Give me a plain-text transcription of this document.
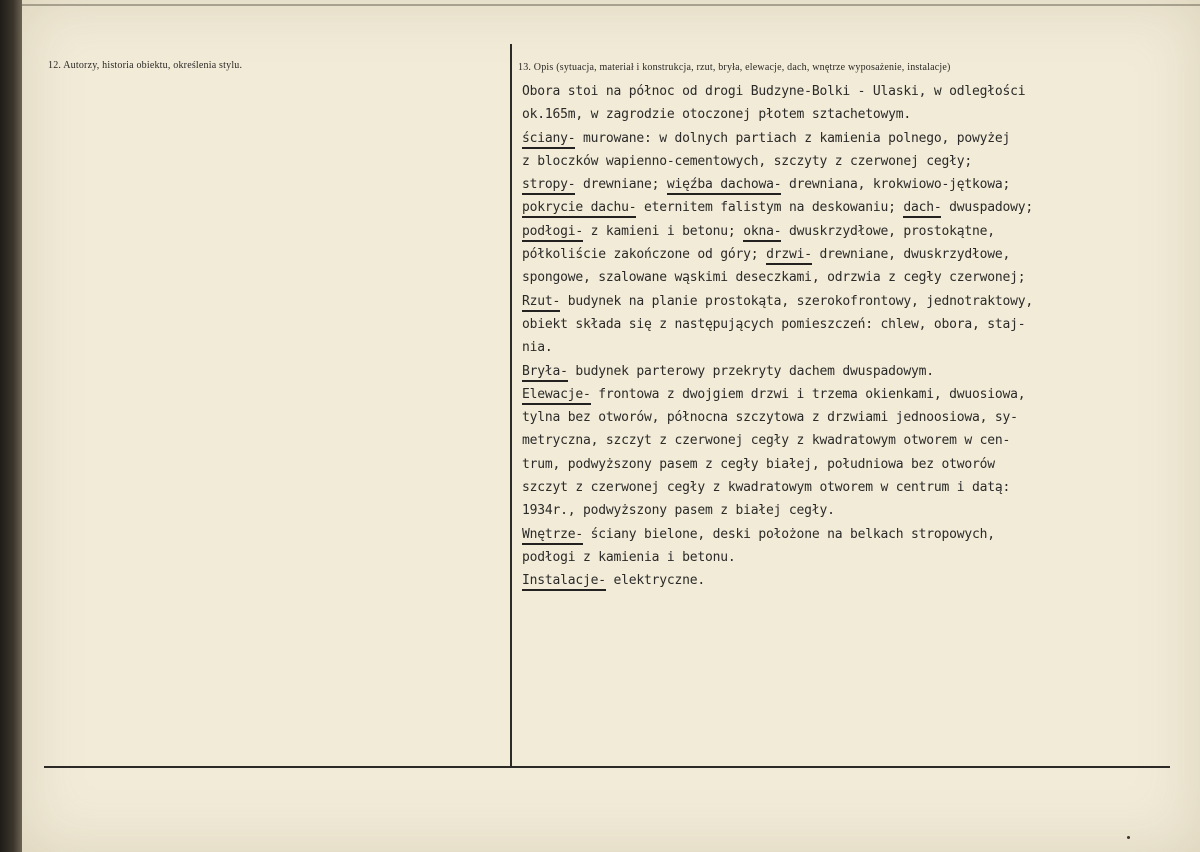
12. Autorzy, historia obiektu, określenia stylu.	13. Opis (sytuacja, materiał i konstrukcja, rzut, bryła, elewacje, dach, wnętrze wyposażenie, instalacje)
Obora stoi na północ od drogi Budzyne-Bolki - Ulaski, w odległości
ok.165m, w zagrodzie otoczonej płotem sztachetowym.
ściany- murowane: w dolnych partiach z kamienia polnego, powyżej
z bloczków wapienno-cementowych, szczyty z czerwonej cegły;
stropy- drewniane; więźba dachowa- drewniana, krokwiowo-jętkowa;
pokrycie dachu- eternitem falistym na deskowaniu; dach- dwuspadowy;
podłogi- z kamieni i betonu; okna- dwuskrzydłowe, prostokątne,
półkoliście zakończone od góry; drzwi- drewniane, dwuskrzydłowe,
spongowe, szalowane wąskimi deseczkami, odrzwia z cegły czerwonej;
Rzut- budynek na planie prostokąta, szerokofrontowy, jednotraktowy,
obiekt składa się z następujących pomieszczeń: chlew, obora, staj-
nia.
Bryła- budynek parterowy przekryty dachem dwuspadowym.
Elewacje- frontowa z dwojgiem drzwi i trzema okienkami, dwuosiowa,
tylna bez otworów, północna szczytowa z drzwiami jednoosiowa, sy-
metryczna, szczyt z czerwonej cegły z kwadratowym otworem w cen-
trum, podwyższony pasem z cegły białej, południowa bez otworów
szczyt z czerwonej cegły z kwadratowym otworem w centrum i datą:
1934r., podwyższony pasem z białej cegły.
Wnętrze- ściany bielone, deski położone na belkach stropowych,
podłogi z kamienia i betonu.
Instalacje- elektryczne.
